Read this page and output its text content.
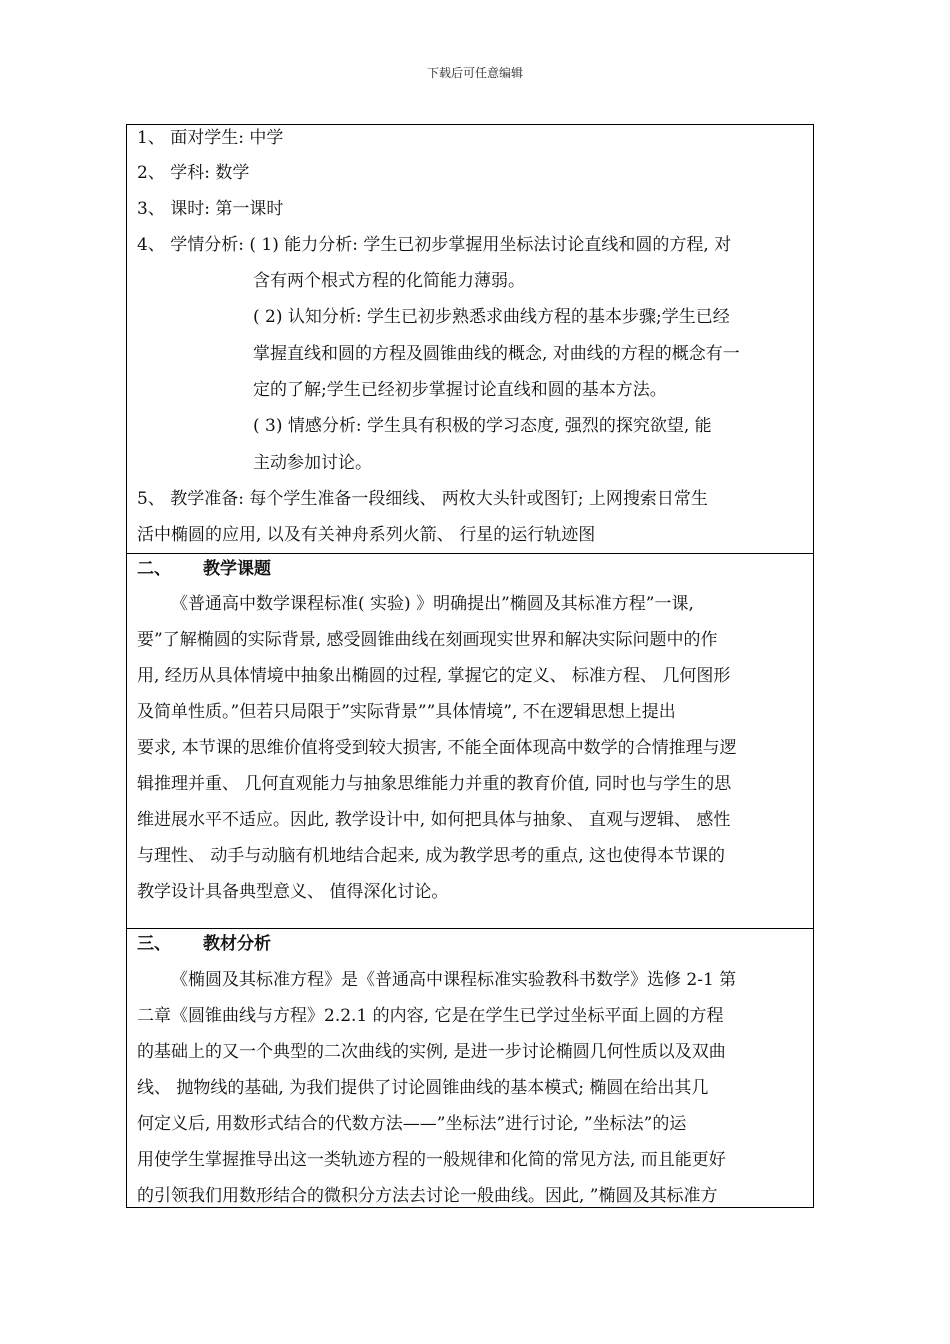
下载后可任意编辑
1、 面对学生: 中学
2、 学科: 数学
3、 课时: 第一课时
4、 学情分析: ( 1) 能力分析: 学生已初步掌握用坐标法讨论直线和圆的方程, 对
含有两个根式方程的化简能力薄弱。
( 2) 认知分析: 学生已初步熟悉求曲线方程的基本步骤;学生已经
掌握直线和圆的方程及圆锥曲线的概念, 对曲线的方程的概念有一
定的了解;学生已经初步掌握讨论直线和圆的基本方法。
( 3) 情感分析: 学生具有积极的学习态度, 强烈的探究欲望, 能
主动参加讨论。
5、 教学准备: 每个学生准备一段细线、 两枚大头针或图钉; 上网搜索日常生
活中椭圆的应用, 以及有关神舟系列火箭、 行星的运行轨迹图
二、 教学课题
《普通高中数学课程标准( 实验) 》明确提出”椭圆及其标准方程”一课,
要”了解椭圆的实际背景, 感受圆锥曲线在刻画现实世界和解决实际问题中的作
用, 经历从具体情境中抽象出椭圆的过程, 掌握它的定义、 标准方程、 几何图形
及简单性质。”但若只局限于”实际背景””具体情境”, 不在逻辑思想上提出
要求, 本节课的思维价值将受到较大损害, 不能全面体现高中数学的合情推理与逻
辑推理并重、 几何直观能力与抽象思维能力并重的教育价值, 同时也与学生的思
维进展水平不适应。因此, 教学设计中, 如何把具体与抽象、 直观与逻辑、 感性
与理性、 动手与动脑有机地结合起来, 成为教学思考的重点, 这也使得本节课的
教学设计具备典型意义、 值得深化讨论。
三、 教材分析
《椭圆及其标准方程》是《普通高中课程标准实验教科书数学》选修 2-1 第
二章《圆锥曲线与方程》2.2.1 的内容, 它是在学生已学过坐标平面上圆的方程
的基础上的又一个典型的二次曲线的实例, 是进一步讨论椭圆几何性质以及双曲
线、 抛物线的基础, 为我们提供了讨论圆锥曲线的基本模式; 椭圆在给出其几
何定义后, 用数形式结合的代数方法——”坐标法”进行讨论, ”坐标法”的运
用使学生掌握推导出这一类轨迹方程的一般规律和化简的常见方法, 而且能更好
的引领我们用数形结合的微积分方法去讨论一般曲线。因此, ”椭圆及其标准方
